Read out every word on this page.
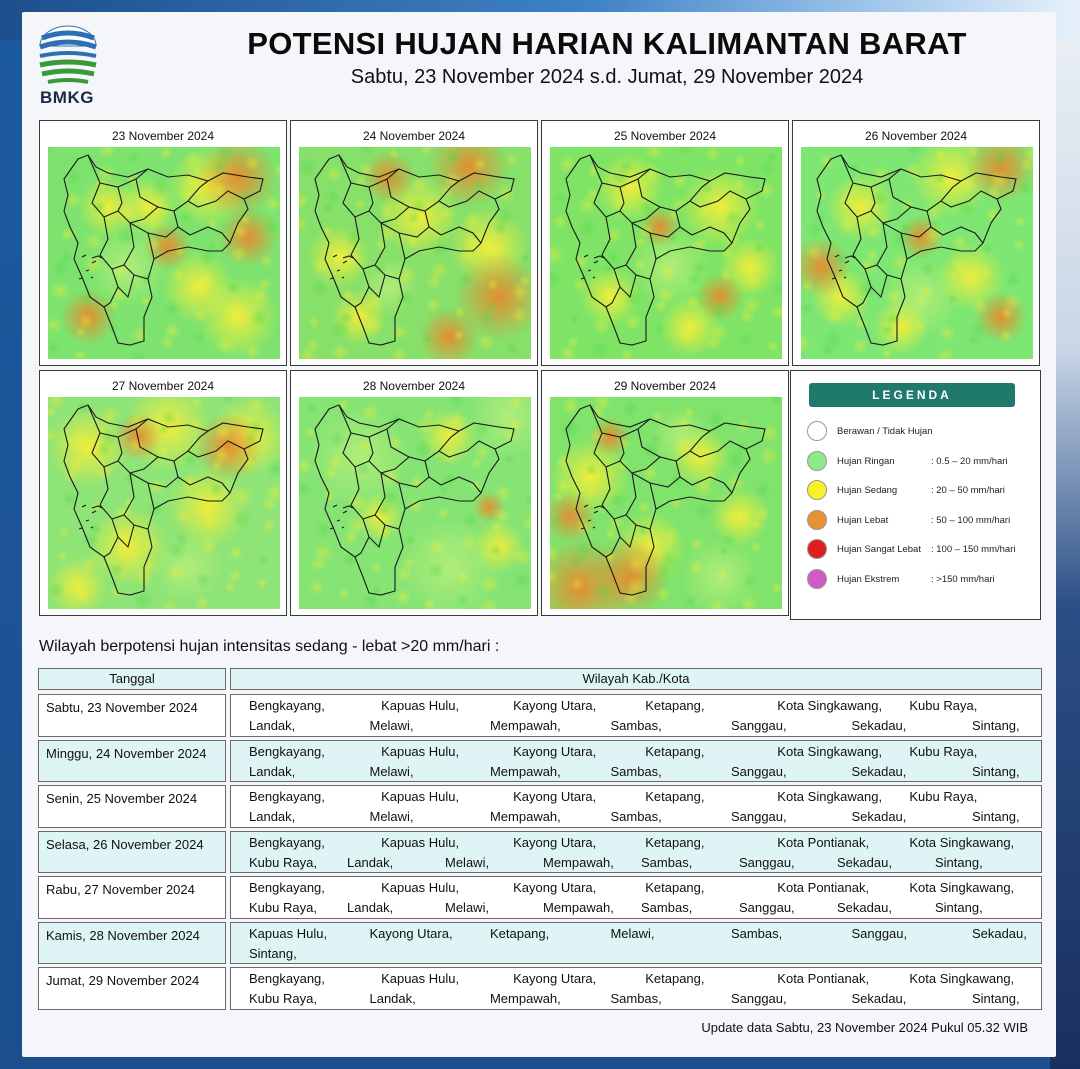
BMKG
POTENSI HUJAN HARIAN KALIMANTAN BARAT
Sabtu, 23 November 2024 s.d. Jumat, 29 November 2024
23 November 2024	24 November 2024	25 November 2024	26 November 2024
27 November 2024	28 November 2024	29 November 2024
LEGENDA
Berawan / Tidak Hujan
Hujan Ringan	: 0.5 – 20 mm/hari
Hujan Sedang	: 20 – 50 mm/hari
Hujan Lebat	: 50 – 100 mm/hari
Hujan Sangat Lebat : 100 – 150 mm/hari
Hujan Ekstrem	: >150 mm/hari
Wilayah berpotensi hujan intensitas sedang - lebat >20 mm/hari :
Tanggal	Wilayah Kab./Kota
Sabtu, 23 November 2024	Bengkayang,	Kapuas Hulu,	Kayong Utara,	Ketapang,	Kota Singkawang, Kubu Raya,
Landak,	Melawi,	Mempawah,	Sambas,	Sanggau,	Sekadau,	Sintang,
Minggu, 24 November 2024	Bengkayang,	Kapuas Hulu,	Kayong Utara,	Ketapang,	Kota Singkawang, Kubu Raya,
Landak,	Melawi,	Mempawah,	Sambas,	Sanggau,	Sekadau,	Sintang,
Senin, 25 November 2024	Bengkayang,	Kapuas Hulu,	Kayong Utara,	Ketapang,	Kota Singkawang, Kubu Raya,
Landak,	Melawi,	Mempawah,	Sambas,	Sanggau,	Sekadau,	Sintang,
Selasa, 26 November 2024	Bengkayang,	Kapuas Hulu,	Kayong Utara,	Ketapang,	Kota Pontianak,	Kota Singkawang,
Kubu Raya, Landak,	Melawi,	Mempawah, Sambas,	Sanggau,	Sekadau,	Sintang,
Rabu, 27 November 2024	Bengkayang,	Kapuas Hulu,	Kayong Utara,	Ketapang,	Kota Pontianak,	Kota Singkawang,
Kubu Raya, Landak,	Melawi,	Mempawah, Sambas,	Sanggau,	Sekadau,	Sintang,
Kamis, 28 November 2024	Kapuas Hulu,	Kayong Utara,	Ketapang,	Melawi,	Sambas,	Sanggau,	Sekadau,
Sintang,
Jumat, 29 November 2024	Bengkayang,	Kapuas Hulu,	Kayong Utara,	Ketapang,	Kota Pontianak,	Kota Singkawang,
Kubu Raya,	Landak,	Mempawah,	Sambas,	Sanggau,	Sekadau,	Sintang,
Update data Sabtu, 23 November 2024 Pukul 05.32 WIB
